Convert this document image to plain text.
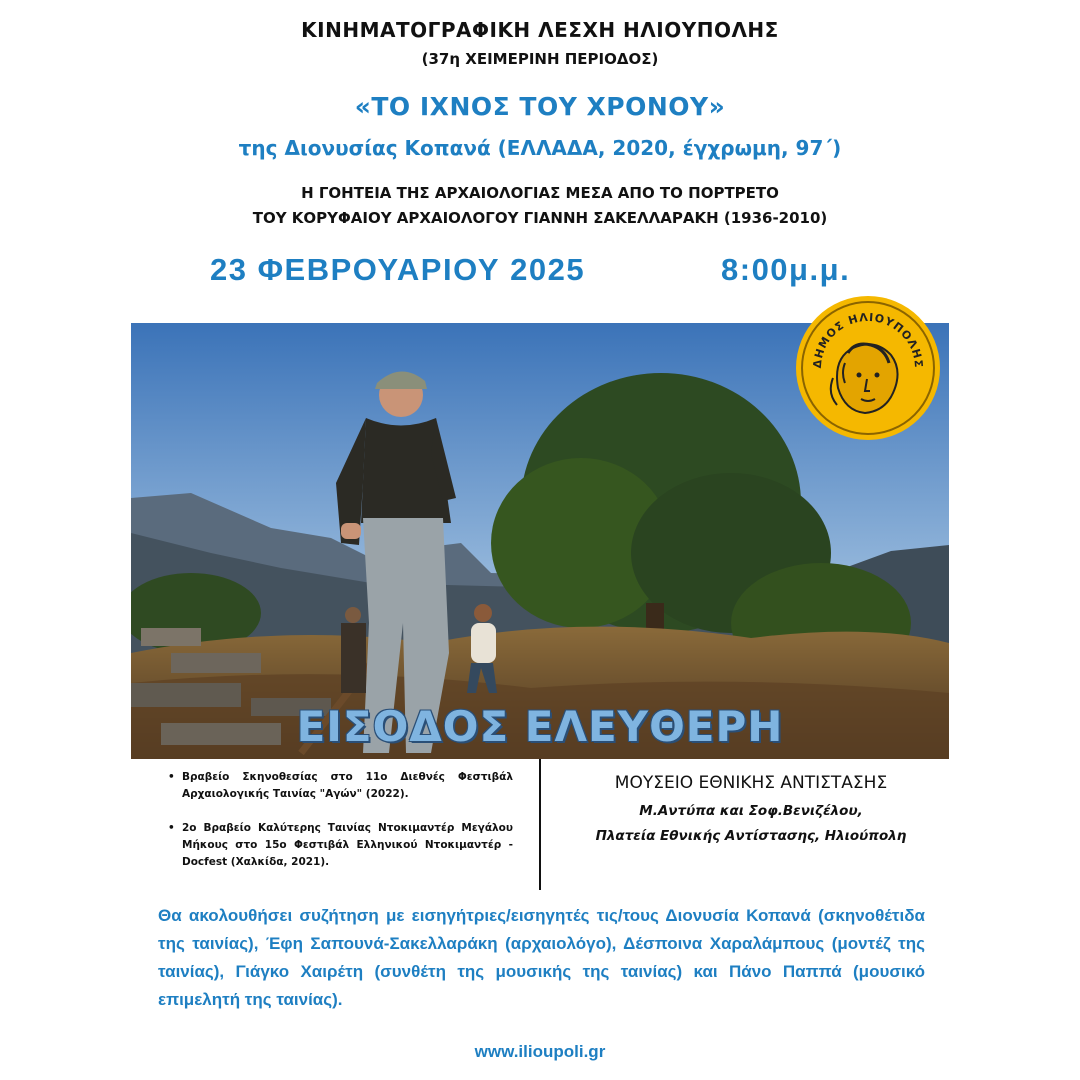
ΚΙΝΗΜΑΤΟΓΡΑΦΙΚΗ ΛΕΣΧΗ ΗΛΙΟΥΠΟΛΗΣ
(37η ΧΕΙΜΕΡΙΝΗ ΠΕΡΙΟΔΟΣ)
«ΤΟ ΙΧΝΟΣ ΤΟΥ ΧΡΟΝΟΥ»
της Διονυσίας Κοπανά (ΕΛΛΑΔΑ, 2020, έγχρωμη, 97΄)
Η ΓΟΗΤΕΙΑ ΤΗΣ ΑΡΧΑΙΟΛΟΓΙΑΣ ΜΕΣΑ ΑΠΟ ΤΟ ΠΟΡΤΡΕΤΟ
ΤΟΥ ΚΟΡΥΦΑΙΟΥ ΑΡΧΑΙΟΛΟΓΟΥ ΓΙΑΝΝΗ ΣΑΚΕΛΛΑΡΑΚΗ (1936-2010)
23 ΦΕΒΡΟΥΑΡΙΟΥ 2025	8:00μ.μ.
ΕΙΣΟΔΟΣ ΕΛΕΥΘΕΡΗ
ΔΗΜΟΣ ΗΛΙΟΥΠΟΛΗΣ
• Βραβείο Σκηνοθεσίας στο 11ο Διεθνές Φεστιβάλ Αρχαιολογικής Ταινίας "Αγών" (2022).
• 2ο Βραβείο Καλύτερης Ταινίας Ντοκιμαντέρ Μεγάλου Μήκους στο 15ο Φεστιβάλ Ελληνικού Ντοκιμαντέρ - Docfest (Χαλκίδα, 2021).
ΜΟΥΣΕΙΟ ΕΘΝΙΚΗΣ ΑΝΤΙΣΤΑΣΗΣ
Μ.Αντύπα και Σοφ.Βενιζέλου,
Πλατεία Εθνικής Αντίστασης, Ηλιούπολη
Θα ακολουθήσει συζήτηση με εισηγήτριες/εισηγητές τις/τους Διονυσία Κοπανά (σκηνοθέτιδα της ταινίας), Έφη Σαπουνά-Σακελλαράκη (αρχαιολόγο), Δέσποινα Χαραλάμπους (μοντέζ της ταινίας), Γιάγκο Χαιρέτη (συνθέτη της μουσικής της ταινίας) και Πάνο Παππά (μουσικό επιμελητή της ταινίας).
www.ilioupoli.gr
